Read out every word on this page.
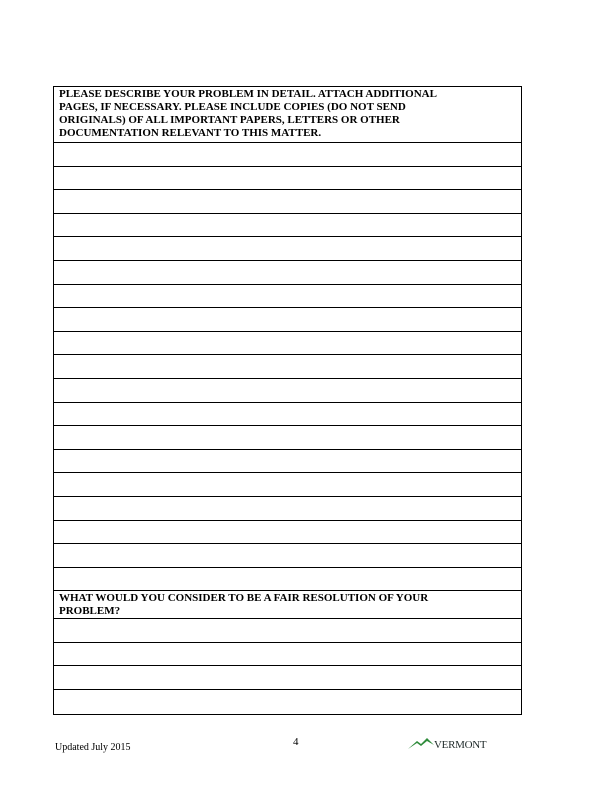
PLEASE DESCRIBE YOUR PROBLEM IN DETAIL. ATTACH ADDITIONAL
PAGES, IF NECESSARY. PLEASE INCLUDE COPIES (DO NOT SEND
ORIGINALS) OF ALL IMPORTANT PAPERS, LETTERS OR OTHER
DOCUMENTATION RELEVANT TO THIS MATTER.
WHAT WOULD YOU CONSIDER TO BE A FAIR RESOLUTION OF YOUR
PROBLEM?
Updated July 2015	4	VERMONT
